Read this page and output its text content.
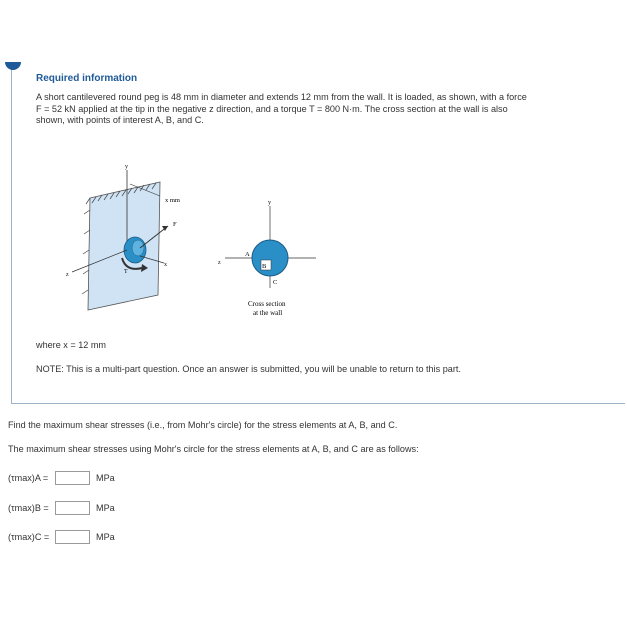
Required information

A short cantilevered round peg is 48 mm in diameter and extends 12 mm from the wall. It is loaded, as shown, with a force
F = 52 kN applied at the tip in the negative z direction, and a torque T = 800 N·m. The cross section at the wall is also
shown, with points of interest A, B, and C.

y
x mm
T
F
x
z
y
z
A
B
C
Cross section
at the wall

where x = 12 mm

NOTE: This is a multi-part question. Once an answer is submitted, you will be unable to return to this part.

Find the maximum shear stresses (i.e., from Mohr's circle) for the stress elements at A, B, and C.

The maximum shear stresses using Mohr's circle for the stress elements at A, B, and C are as follows:

(τmax)A =	MPa
(τmax)B =	MPa
(τmax)C =	MPa
